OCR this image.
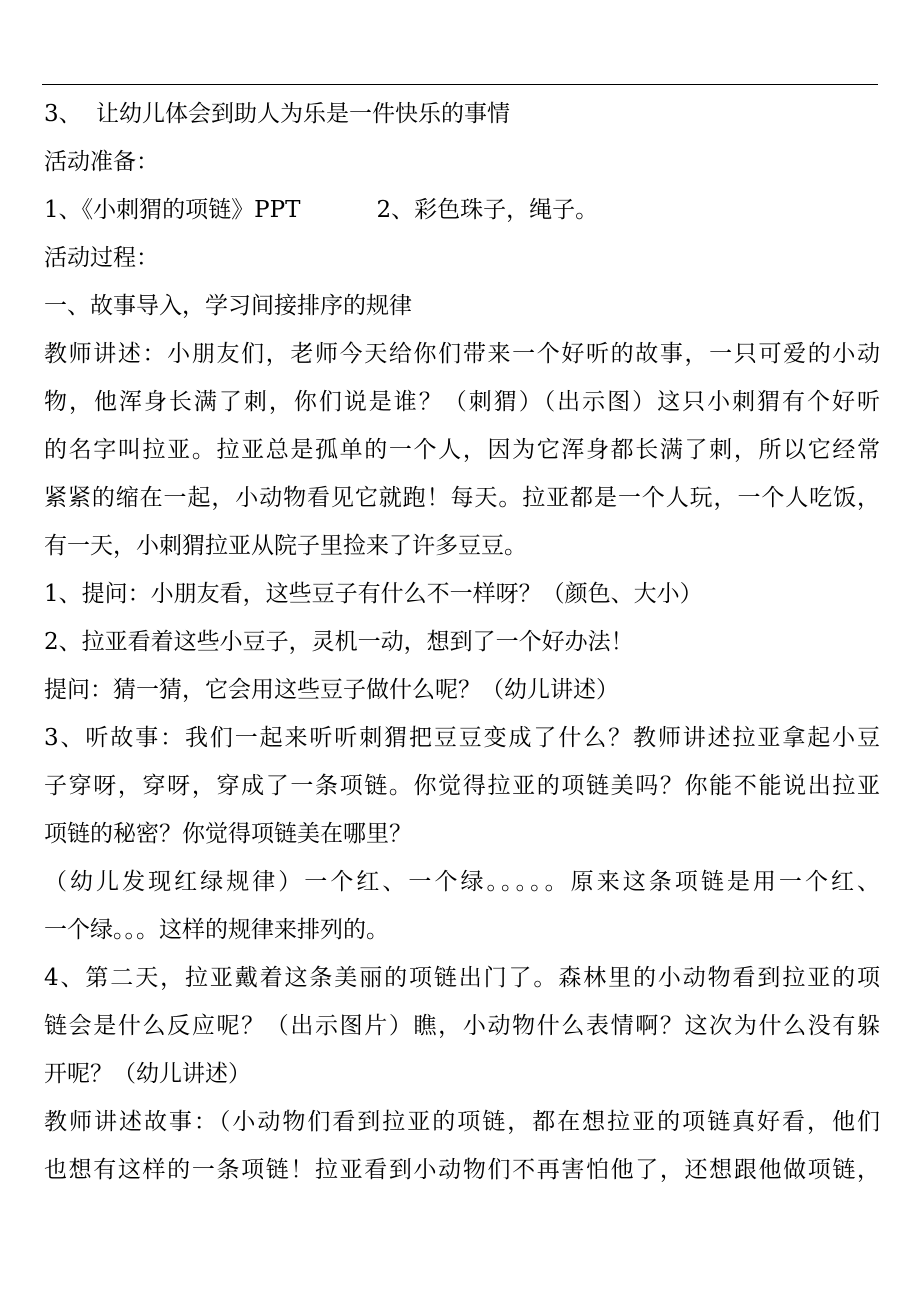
3、 让幼儿体会到助人为乐是一件快乐的事情
活动准备：
1、《小刺猬的项链》PPT	2、彩色珠子，绳子。
活动过程：
一、故事导入，学习间接排序的规律
教师讲述：小朋友们，老师今天给你们带来一个好听的故事，一只可爱的小动
物，他浑身长满了刺，你们说是谁？（刺猬）（出示图）这只小刺猬有个好听
的名字叫拉亚。拉亚总是孤单的一个人，因为它浑身都长满了刺，所以它经常
紧紧的缩在一起，小动物看见它就跑！每天。拉亚都是一个人玩，一个人吃饭，
有一天，小刺猬拉亚从院子里捡来了许多豆豆。
1、提问：小朋友看，这些豆子有什么不一样呀？（颜色、大小）
2、拉亚看着这些小豆子，灵机一动，想到了一个好办法！
提问：猜一猜，它会用这些豆子做什么呢？（幼儿讲述）
3、听故事：我们一起来听听刺猬把豆豆变成了什么？教师讲述拉亚拿起小豆
子穿呀，穿呀，穿成了一条项链。你觉得拉亚的项链美吗？你能不能说出拉亚
项链的秘密？你觉得项链美在哪里？
（幼儿发现红绿规律）一个红、一个绿。。。。。原来这条项链是用一个红、
一个绿。。。这样的规律来排列的。
4、第二天，拉亚戴着这条美丽的项链出门了。森林里的小动物看到拉亚的项
链会是什么反应呢？（出示图片）瞧，小动物什么表情啊？这次为什么没有躲
开呢？（幼儿讲述）
教师讲述故事：（小动物们看到拉亚的项链，都在想拉亚的项链真好看，他们
也想有这样的一条项链！拉亚看到小动物们不再害怕他了，还想跟他做项链，
